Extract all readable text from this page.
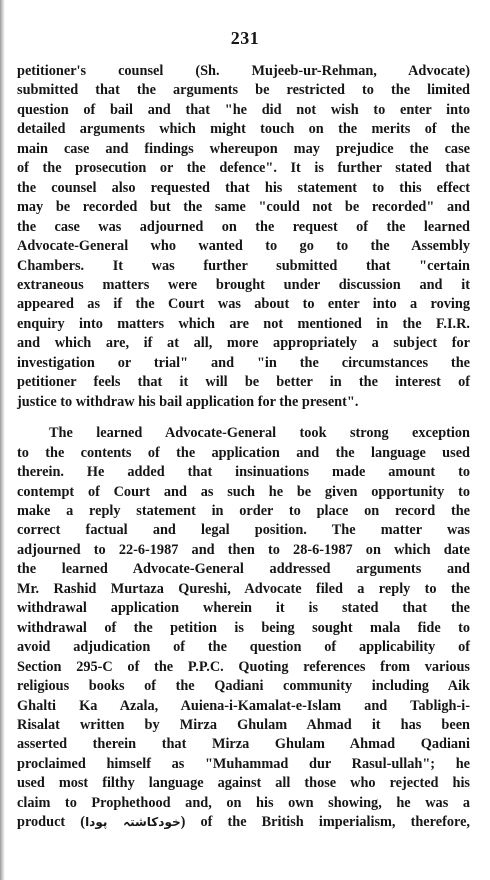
231

petitioner's counsel (Sh. Mujeeb-ur-Rehman, Advocate)
submitted that the arguments be restricted to the limited
question of bail and that "he did not wish to enter into
detailed arguments which might touch on the merits of the
main case and findings whereupon may prejudice the case
of the prosecution or the defence". It is further stated that
the counsel also requested that his statement to this effect
may be recorded but the same "could not be recorded" and
the case was adjourned on the request of the learned
Advocate-General who wanted to go to the Assembly
Chambers. It was further submitted that "certain
extraneous matters were brought under discussion and it
appeared as if the Court was about to enter into a roving
enquiry into matters which are not mentioned in the F.I.R.
and which are, if at all, more appropriately a subject for
investigation or trial" and "in the circumstances the
petitioner feels that it will be better in the interest of
justice to withdraw his bail application for the present".

The learned Advocate-General took strong exception

to the contents of the application and the language used
therein. He added that insinuations made amount to
contempt of Court and as such he be given opportunity to
make a reply statement in order to place on record the
correct factual and legal position. The matter was
adjourned to 22-6-1987 and then to 28-6-1987 on which date
the learned Advocate-General addressed arguments and
Mr. Rashid Murtaza Qureshi, Advocate filed a reply to the
withdrawal application wherein it is stated that the
withdrawal of the petition is being sought mala fide to
avoid adjudication of the question of applicability of
Section 295-C of the P.P.C. Quoting references from various
religious books of the Qadiani community including Aik
Ghalti Ka Azala, Auiena-i-Kamalat-e-Islam and Tabligh-i-
Risalat written by Mirza Ghulam Ahmad it has been
asserted therein that Mirza Ghulam Ahmad Qadiani
proclaimed himself as "Muhammad dur Rasul-ullah"; he
used most filthy language against all those who rejected his
claim to Prophethood and, on his own showing, he was a
product (خودکاشتہ پودا) of the British imperialism, therefore,
